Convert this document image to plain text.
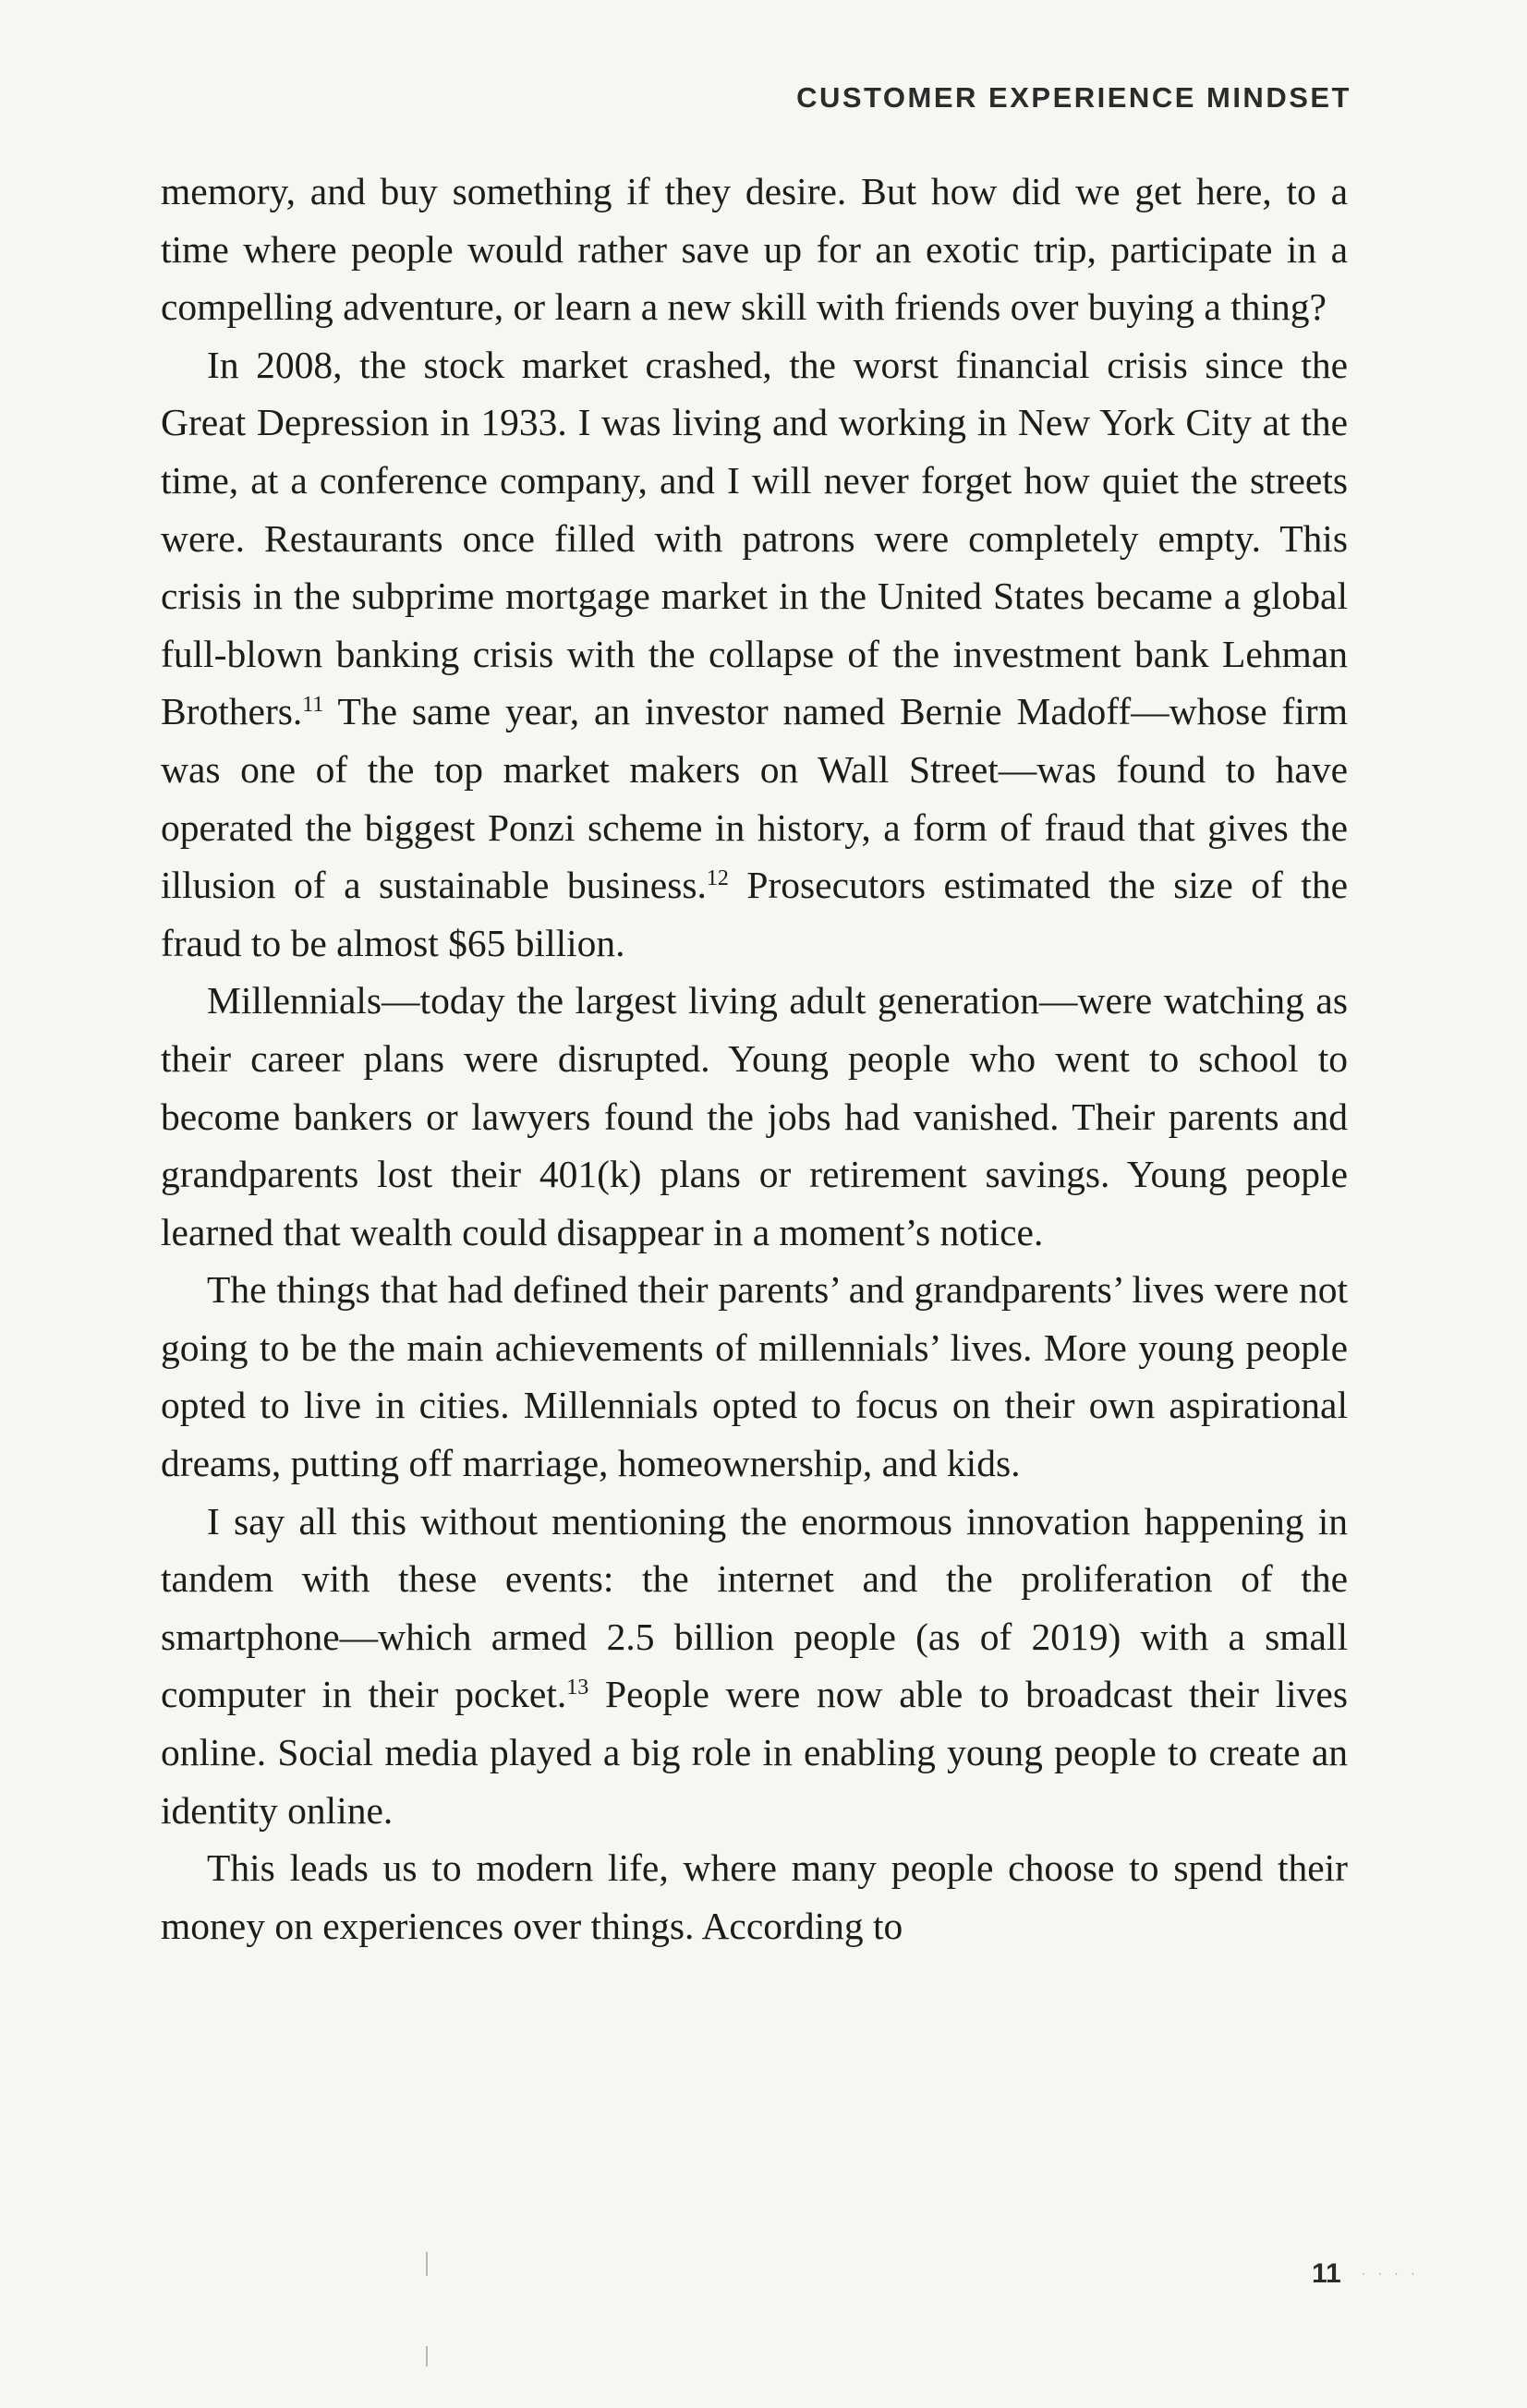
CUSTOMER EXPERIENCE MINDSET

memory, and buy something if they desire. But how did we get here, to a time where people would rather save up for an exotic trip, participate in a compelling adventure, or learn a new skill with friends over buying a thing?

In 2008, the stock market crashed, the worst financial crisis since the Great Depression in 1933. I was living and working in New York City at the time, at a conference company, and I will never forget how quiet the streets were. Restaurants once filled with patrons were completely empty. This crisis in the subprime mortgage market in the United States became a global full-blown banking crisis with the collapse of the investment bank Lehman Brothers.$^{11}$ The same year, an investor named Bernie Madoff—whose firm was one of the top market makers on Wall Street—was found to have operated the biggest Ponzi scheme in history, a form of fraud that gives the illusion of a sustainable business.$^{12}$ Prosecutors estimated the size of the fraud to be almost $65 billion.

Millennials—today the largest living adult generation—were watching as their career plans were disrupted. Young people who went to school to become bankers or lawyers found the jobs had vanished. Their parents and grandparents lost their 401(k) plans or retirement savings. Young people learned that wealth could disappear in a moment’s notice.

The things that had defined their parents’ and grandparents’ lives were not going to be the main achievements of millennials’ lives. More young people opted to live in cities. Millennials opted to focus on their own aspirational dreams, putting off marriage, homeownership, and kids.

I say all this without mentioning the enormous innovation happening in tandem with these events: the internet and the proliferation of the smartphone—which armed 2.5 billion people (as of 2019) with a small computer in their pocket.$^{13}$ People were now able to broadcast their lives online. Social media played a big role in enabling young people to create an identity online.

This leads us to modern life, where many people choose to spend their money on experiences over things. According to

11 ⋅⋅⋅⋅
